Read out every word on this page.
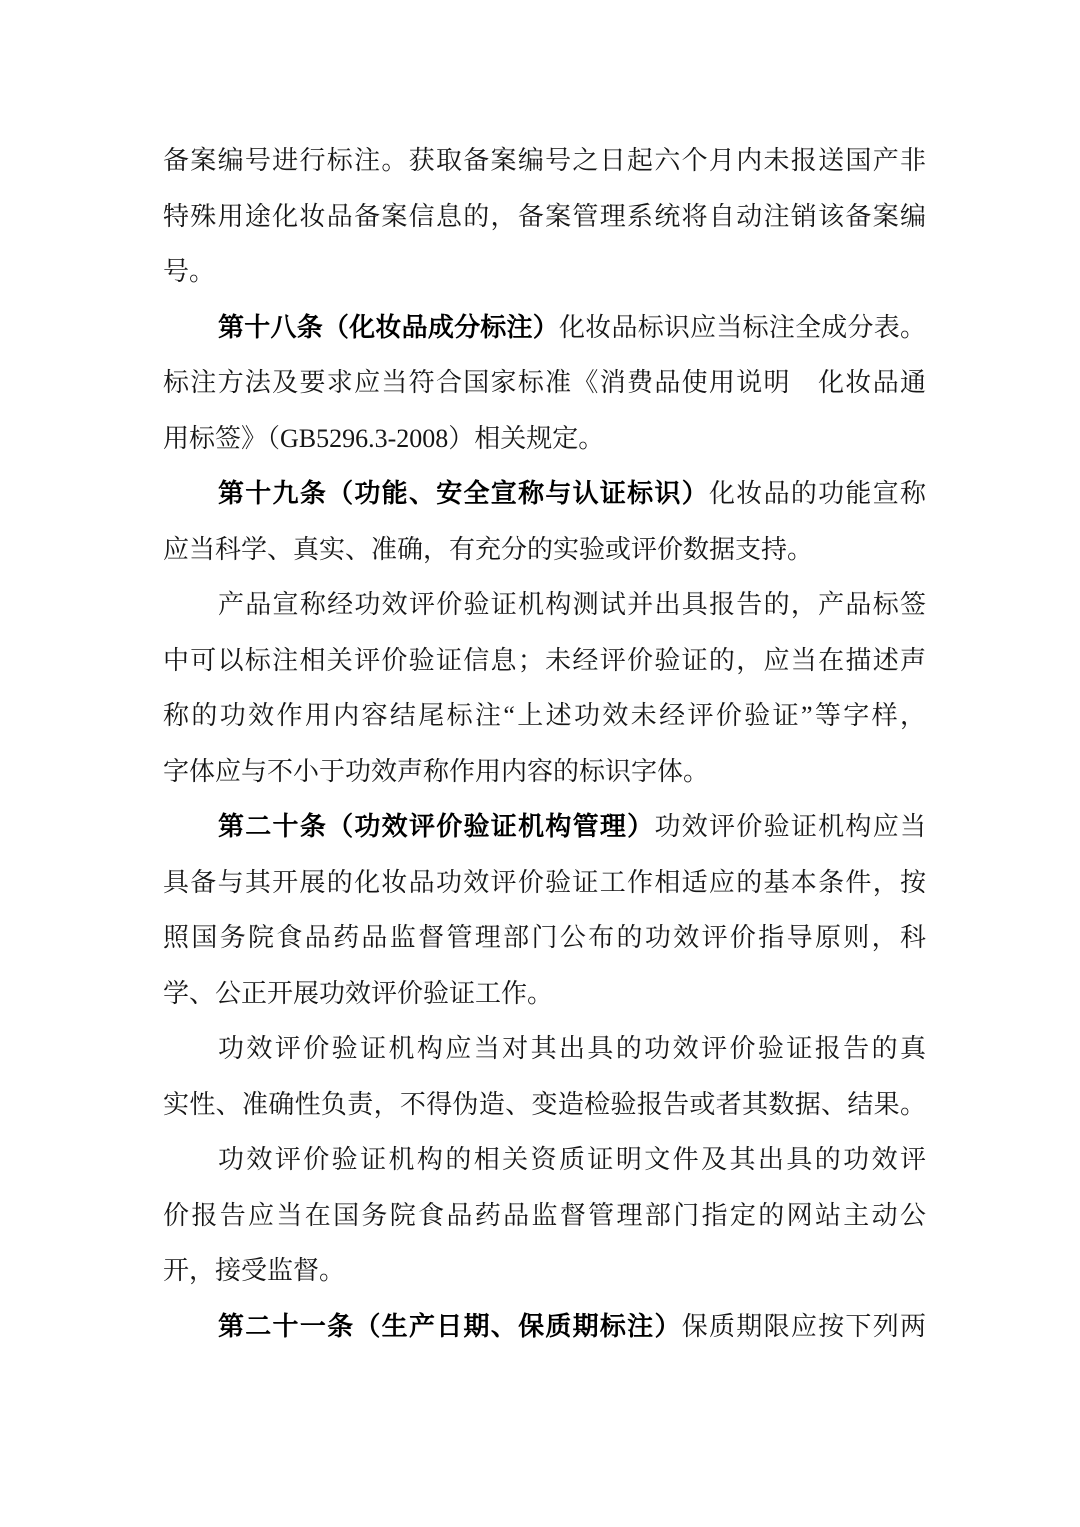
备案编号进行标注。获取备案编号之日起六个月内未报送国产非
特殊用途化妆品备案信息的，备案管理系统将自动注销该备案编
号。
第十八条（化妆品成分标注）化妆品标识应当标注全成分表。
标注方法及要求应当符合国家标准《消费品使用说明　化妆品通
用标签》（GB5296.3-2008）相关规定。
第十九条（功能、安全宣称与认证标识）化妆品的功能宣称
应当科学、真实、准确，有充分的实验或评价数据支持。
产品宣称经功效评价验证机构测试并出具报告的，产品标签
中可以标注相关评价验证信息；未经评价验证的，应当在描述声
称的功效作用内容结尾标注“上述功效未经评价验证”等字样，
字体应与不小于功效声称作用内容的标识字体。
第二十条（功效评价验证机构管理）功效评价验证机构应当
具备与其开展的化妆品功效评价验证工作相适应的基本条件，按
照国务院食品药品监督管理部门公布的功效评价指导原则，科
学、公正开展功效评价验证工作。
功效评价验证机构应当对其出具的功效评价验证报告的真
实性、准确性负责，不得伪造、变造检验报告或者其数据、结果。
功效评价验证机构的相关资质证明文件及其出具的功效评
价报告应当在国务院食品药品监督管理部门指定的网站主动公
开，接受监督。
第二十一条（生产日期、保质期标注）保质期限应按下列两
